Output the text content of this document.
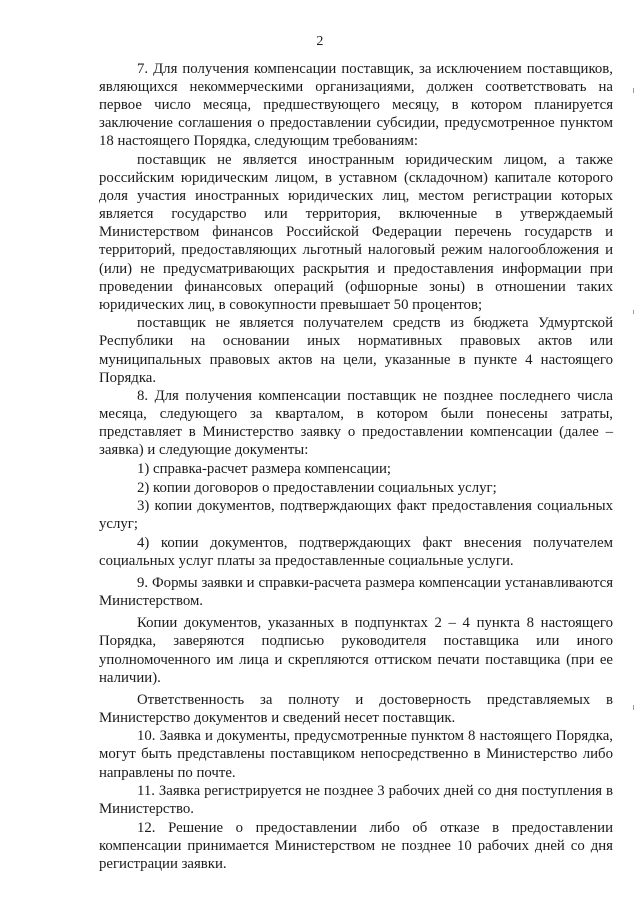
2

7. Для получения компенсации поставщик, за исключением поставщиков, являющихся некоммерческими организациями, должен соответствовать на первое число месяца, предшествующего месяцу, в котором планируется заключение соглашения о предоставлении субсидии, предусмотренное пунктом 18 настоящего Порядка, следующим требованиям:

поставщик не является иностранным юридическим лицом, а также российским юридическим лицом, в уставном (складочном) капитале которого доля участия иностранных юридических лиц, местом регистрации которых является государство или территория, включенные в утверждаемый Министерством финансов Российской Федерации перечень государств и территорий, предоставляющих льготный налоговый режим налогообложения и (или) не предусматривающих раскрытия и предоставления информации при проведении финансовых операций (офшорные зоны) в отношении таких юридических лиц, в совокупности превышает 50 процентов;

поставщик не является получателем средств из бюджета Удмуртской Республики на основании иных нормативных правовых актов или муниципальных правовых актов на цели, указанные в пункте 4 настоящего Порядка.

8. Для получения компенсации поставщик не позднее последнего числа месяца, следующего за кварталом, в котором были понесены затраты, представляет в Министерство заявку о предоставлении компенсации (далее – заявка) и следующие документы:

1) справка-расчет размера компенсации;

2) копии договоров о предоставлении социальных услуг;

3) копии документов, подтверждающих факт предоставления социальных услуг;

4) копии документов, подтверждающих факт внесения получателем социальных услуг платы за предоставленные социальные услуги.

9. Формы заявки и справки-расчета размера компенсации устанавливаются Министерством.

Копии документов, указанных в подпунктах 2 – 4 пункта 8 настоящего Порядка, заверяются подписью руководителя поставщика или иного уполномоченного им лица и скрепляются оттиском печати поставщика (при ее наличии).

Ответственность за полноту и достоверность представляемых в Министерство документов и сведений несет поставщик.

10. Заявка и документы, предусмотренные пунктом 8 настоящего Порядка, могут быть представлены поставщиком непосредственно в Министерство либо направлены по почте.

11. Заявка регистрируется не позднее 3 рабочих дней со дня поступления в Министерство.

12. Решение о предоставлении либо об отказе в предоставлении компенсации принимается Министерством не позднее 10 рабочих дней со дня регистрации заявки.
